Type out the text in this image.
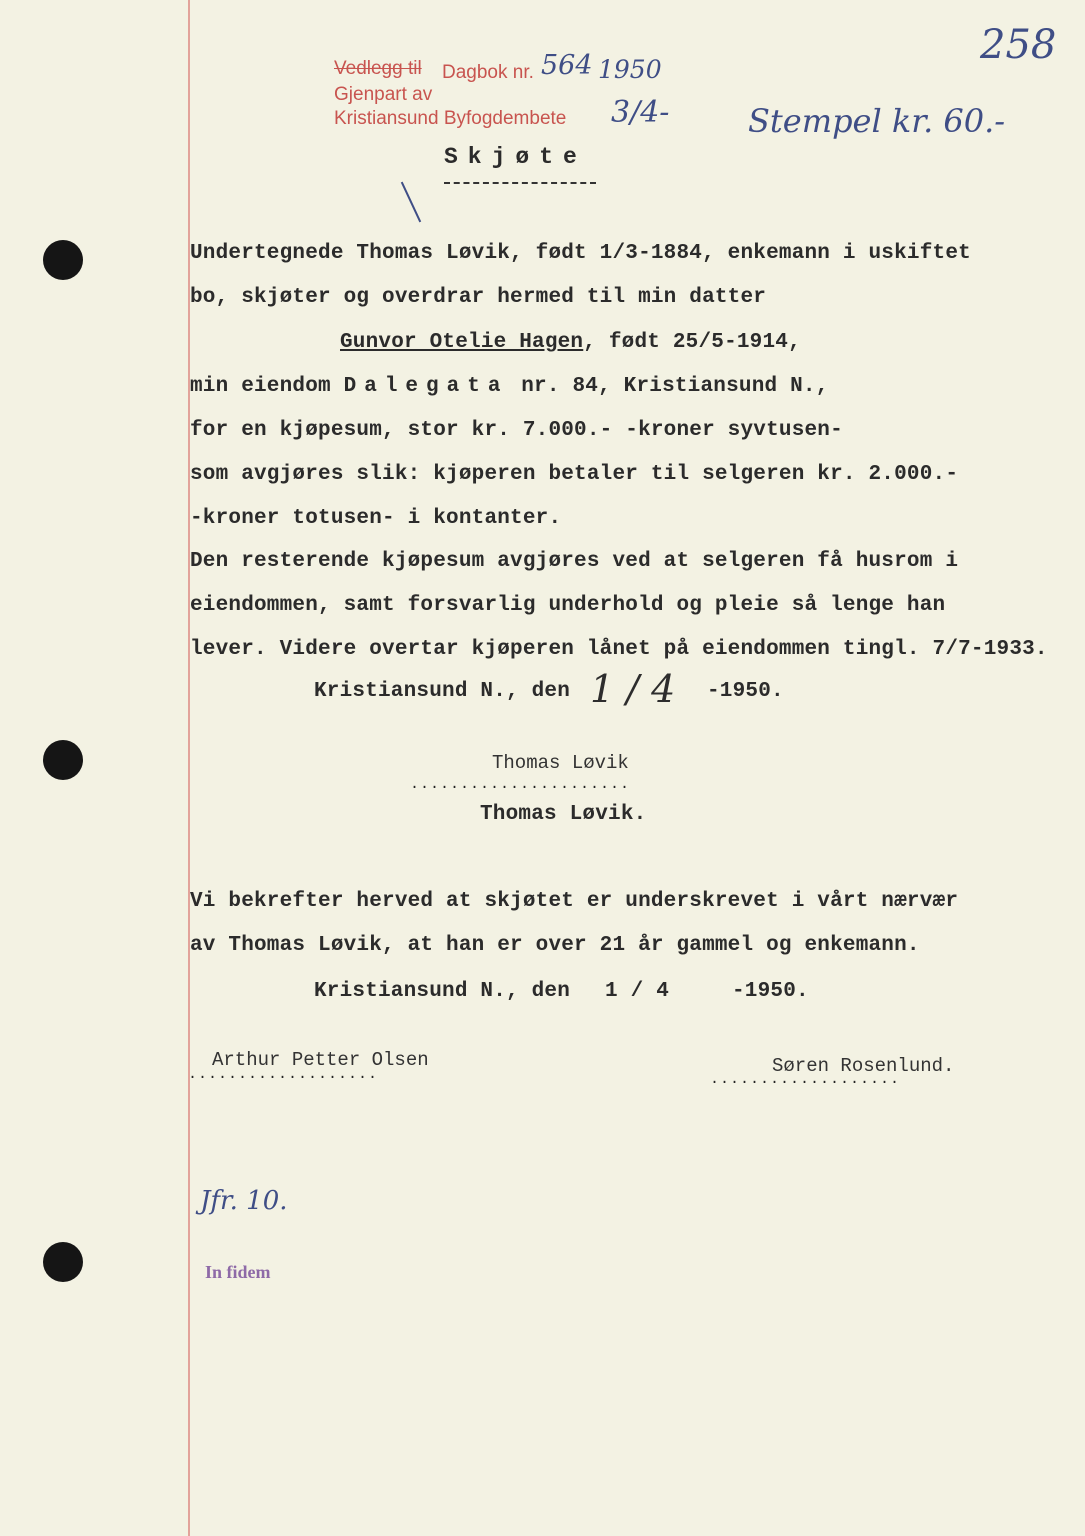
Vedlegg til Dagbok nr. 564 1950
Gjenpart av
Kristiansund Byfogdembete 3/4-
258
Stempel kr. 60.-
Skjøte
Undertegnede Thomas Løvik, født 1/3-1884, enkemann i uskiftet
bo, skjøter og overdrar hermed til min datter
Gunvor Otelie Hagen, født 25/5-1914,
min eiendom Dalegata nr. 84, Kristiansund N.,
for en kjøpesum, stor kr. 7.000.- -kroner syvtusen-
som avgjøres slik: kjøperen betaler til selgeren kr. 2.000.-
-kroner totusen- i kontanter.
Den resterende kjøpesum avgjøres ved at selgeren få husrom i
eiendommen, samt forsvarlig underhold og pleie så lenge han
lever. Videre overtar kjøperen lånet på eiendommen tingl. 7/7-1933.
Kristiansund N., den 1 / 4 -1950.
Thomas Løvik
......................
Thomas Løvik.
Vi bekrefter herved at skjøtet er underskrevet i vårt nærvær
av Thomas Løvik, at han er over 21 år gammel og enkemann.
Kristiansund N., den 1 / 4	-1950.
Arthur Petter Olsen
...................	Søren Rosenlund.
...................
Jfr. 10.
In fidem
